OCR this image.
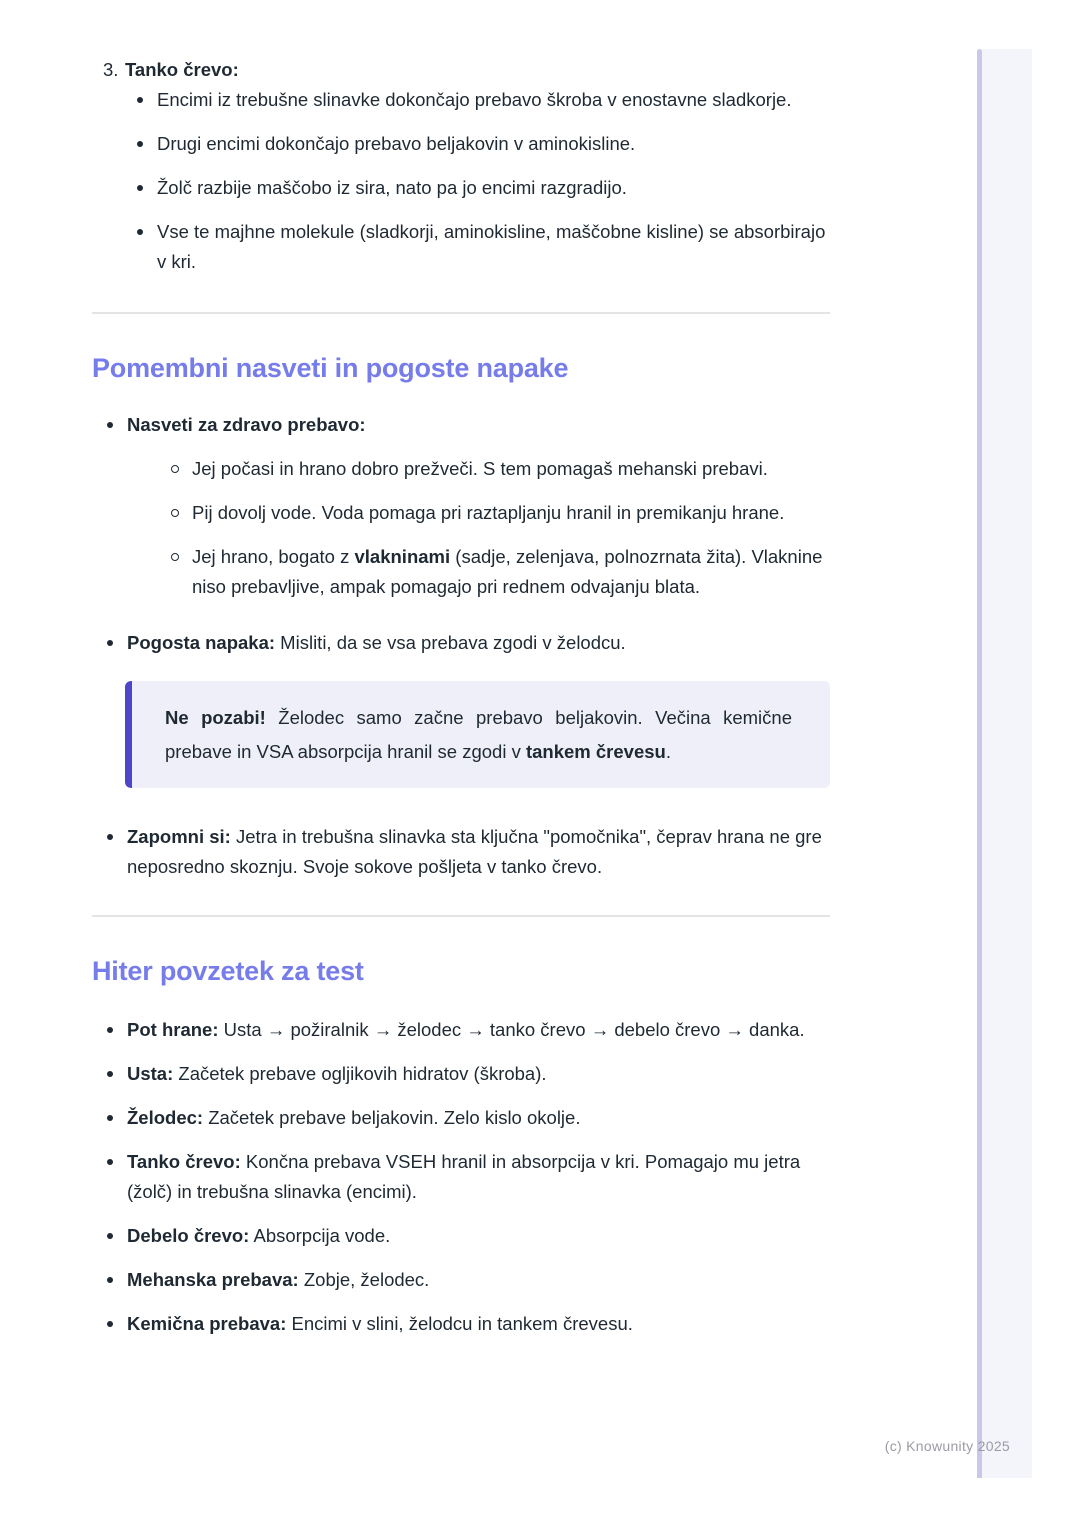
3. Tanko črevo:
Encimi iz trebušne slinavke dokončajo prebavo škroba v enostavne sladkorje.
Drugi encimi dokončajo prebavo beljakovin v aminokisline.
Žolč razbije maščobo iz sira, nato pa jo encimi razgradijo.
Vse te majhne molekule (sladkorji, aminokisline, maščobne kisline) se absorbirajo v kri.
Pomembni nasveti in pogoste napake
Nasveti za zdravo prebavo:
Jej počasi in hrano dobro prežveči. S tem pomagaš mehanski prebavi.
Pij dovolj vode. Voda pomaga pri raztapljanju hranil in premikanju hrane.
Jej hrano, bogato z vlakninami (sadje, zelenjava, polnozrnata žita). Vlaknine niso prebavljive, ampak pomagajo pri rednem odvajanju blata.
Pogosta napaka: Misliti, da se vsa prebava zgodi v želodcu.

Ne pozabi! Želodec samo začne prebavo beljakovin. Večina kemične prebave in VSA absorpcija hranil se zgodi v tankem črevesu.

Zapomni si: Jetra in trebušna slinavka sta ključna "pomočnika", čeprav hrana ne gre neposredno skoznju. Svoje sokove pošljeta v tanko črevo.
Hiter povzetek za test
Pot hrane: Usta → požiralnik → želodec → tanko črevo → debelo črevo → danka.
Usta: Začetek prebave ogljikovih hidratov (škroba).
Želodec: Začetek prebave beljakovin. Zelo kislo okolje.
Tanko črevo: Končna prebava VSEH hranil in absorpcija v kri. Pomagajo mu jetra (žolč) in trebušna slinavka (encimi).
Debelo črevo: Absorpcija vode.
Mehanska prebava: Zobje, želodec.
Kemična prebava: Encimi v slini, želodcu in tankem črevesu.
(c) Knowunity 2025
